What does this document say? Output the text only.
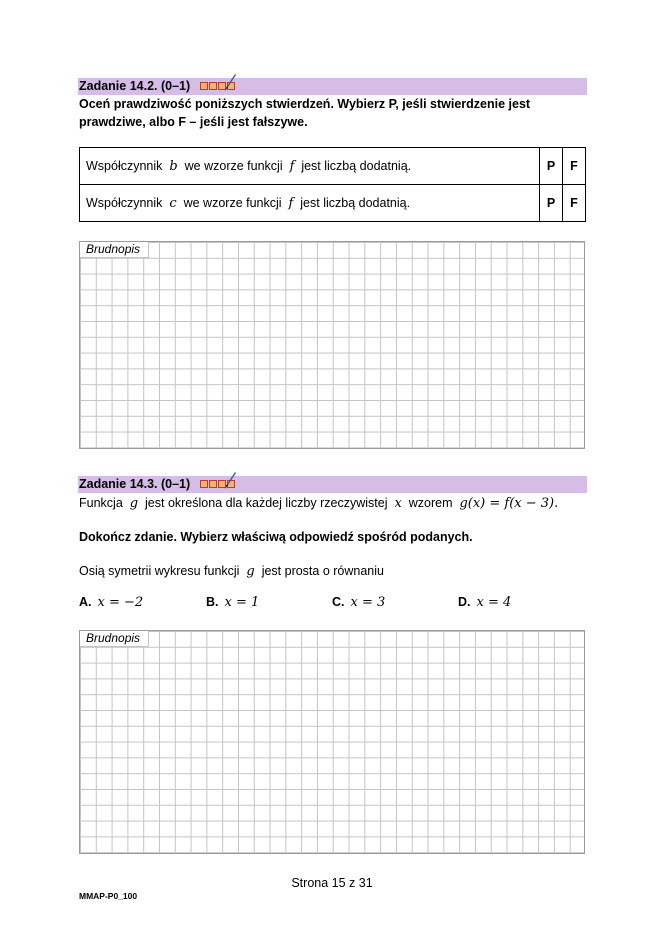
Zadanie 14.2. (0–1)
Oceń prawdziwość poniższych stwierdzeń. Wybierz P, jeśli stwierdzenie jest
prawdziwe, albo F – jeśli jest fałszywe.
Współczynnik b we wzorze funkcji f jest liczbą dodatnią.	P	F
Współczynnik c we wzorze funkcji f jest liczbą dodatnią.	P	F
Brudnopis
Zadanie 14.3. (0–1)
Funkcja g jest określona dla każdej liczby rzeczywistej x wzorem g(x) = f(x − 3).
Dokończ zdanie. Wybierz właściwą odpowiedź spośród podanych.
Osią symetrii wykresu funkcji g jest prosta o równaniu
A. x = −2	B. x = 1	C. x = 3	D. x = 4
Brudnopis
Strona 15 z 31
MMAP-P0_100
